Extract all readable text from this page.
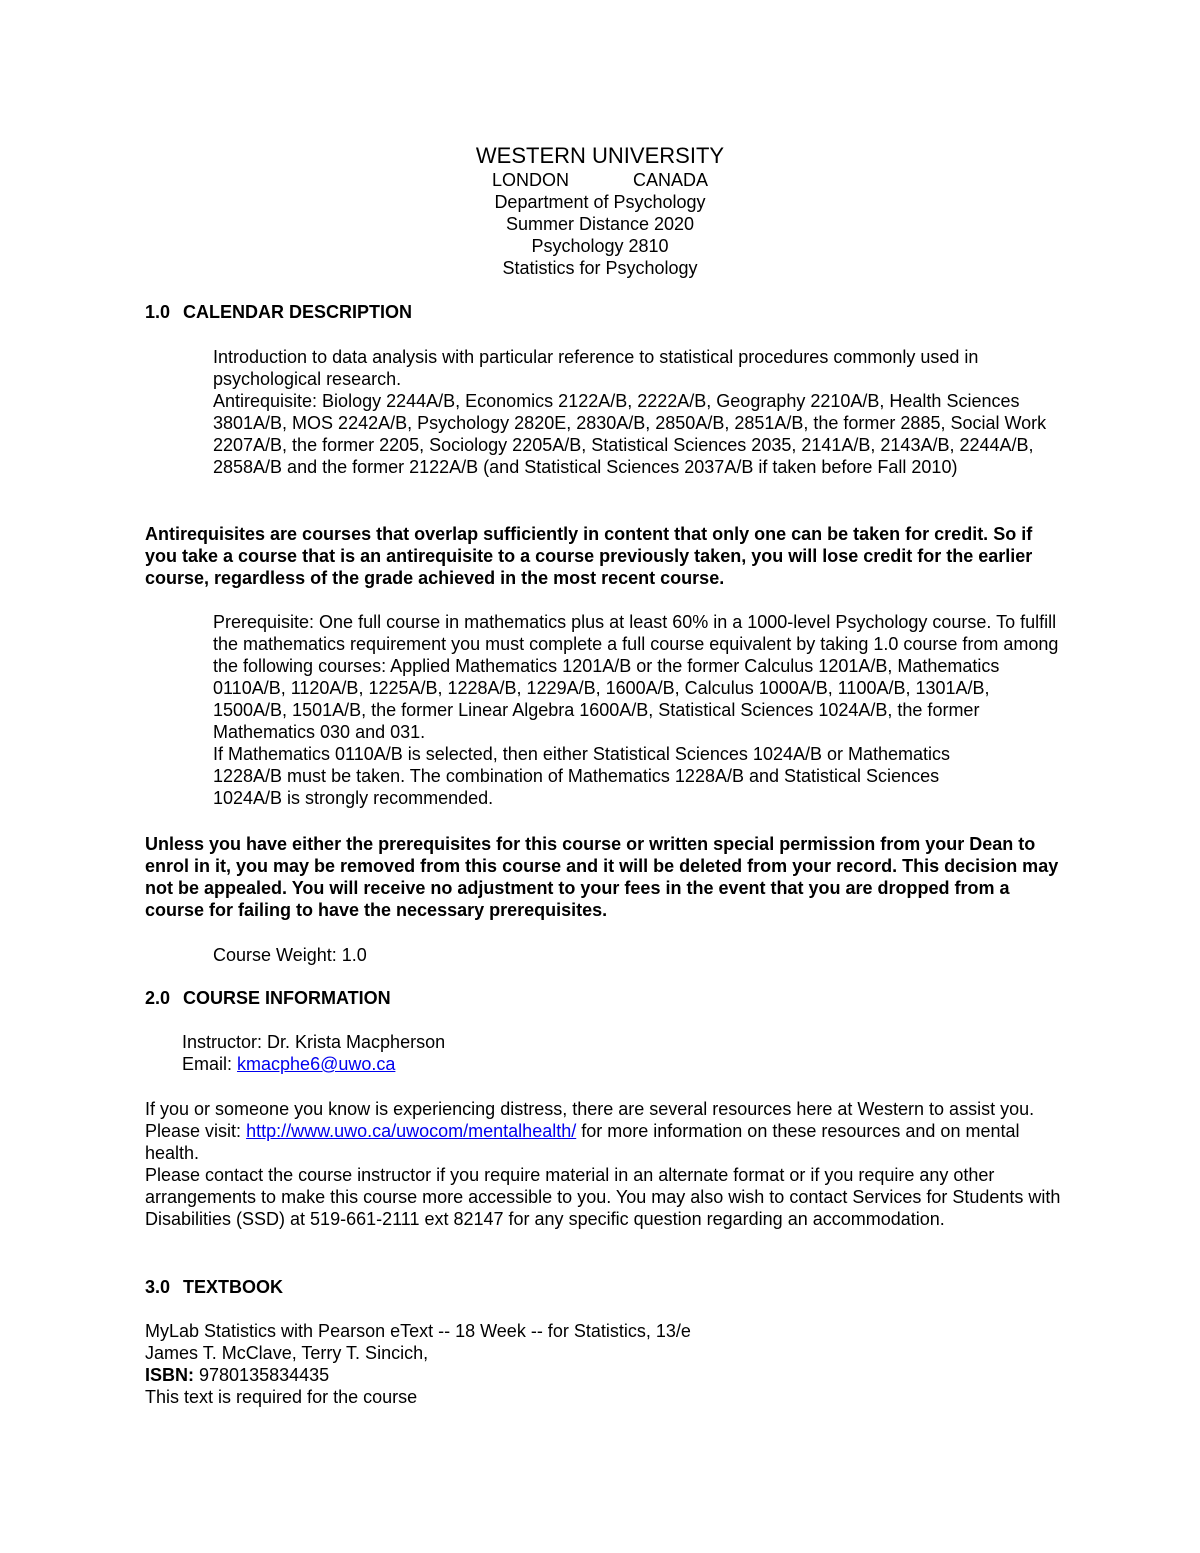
WESTERN UNIVERSITY
LONDON	CANADA
Department of Psychology
Summer Distance 2020
Psychology 2810
Statistics for Psychology
1.0 CALENDAR DESCRIPTION
Introduction to data analysis with particular reference to statistical procedures commonly used in psychological research.
Antirequisite: Biology 2244A/B, Economics 2122A/B, 2222A/B, Geography 2210A/B, Health Sciences 3801A/B, MOS 2242A/B, Psychology 2820E, 2830A/B, 2850A/B, 2851A/B, the former 2885, Social Work 2207A/B, the former 2205, Sociology 2205A/B, Statistical Sciences 2035, 2141A/B, 2143A/B, 2244A/B, 2858A/B and the former 2122A/B (and Statistical Sciences 2037A/B if taken before Fall 2010)
Antirequisites are courses that overlap sufficiently in content that only one can be taken for credit. So if you take a course that is an antirequisite to a course previously taken, you will lose credit for the earlier course, regardless of the grade achieved in the most recent course.
Prerequisite: One full course in mathematics plus at least 60% in a 1000-level Psychology course. To fulfill the mathematics requirement you must complete a full course equivalent by taking 1.0 course from among the following courses: Applied Mathematics 1201A/B or the former Calculus 1201A/B, Mathematics 0110A/B, 1120A/B, 1225A/B, 1228A/B, 1229A/B, 1600A/B, Calculus 1000A/B, 1100A/B, 1301A/B, 1500A/B, 1501A/B, the former Linear Algebra 1600A/B, Statistical Sciences 1024A/B, the former Mathematics 030 and 031.
If Mathematics 0110A/B is selected, then either Statistical Sciences 1024A/B or Mathematics 1228A/B must be taken. The combination of Mathematics 1228A/B and Statistical Sciences 1024A/B is strongly recommended.
Unless you have either the prerequisites for this course or written special permission from your Dean to enrol in it, you may be removed from this course and it will be deleted from your record. This decision may not be appealed. You will receive no adjustment to your fees in the event that you are dropped from a course for failing to have the necessary prerequisites.
Course Weight: 1.0
2.0 COURSE INFORMATION
Instructor: Dr. Krista Macpherson
Email: kmacphe6@uwo.ca
If you or someone you know is experiencing distress, there are several resources here at Western to assist you. Please visit: http://www.uwo.ca/uwocom/mentalhealth/ for more information on these resources and on mental health.
Please contact the course instructor if you require material in an alternate format or if you require any other arrangements to make this course more accessible to you. You may also wish to contact Services for Students with Disabilities (SSD) at 519-661-2111 ext 82147 for any specific question regarding an accommodation.
3.0 TEXTBOOK
MyLab Statistics with Pearson eText -- 18 Week -- for Statistics, 13/e
James T. McClave, Terry T. Sincich,
ISBN: 9780135834435
This text is required for the course
